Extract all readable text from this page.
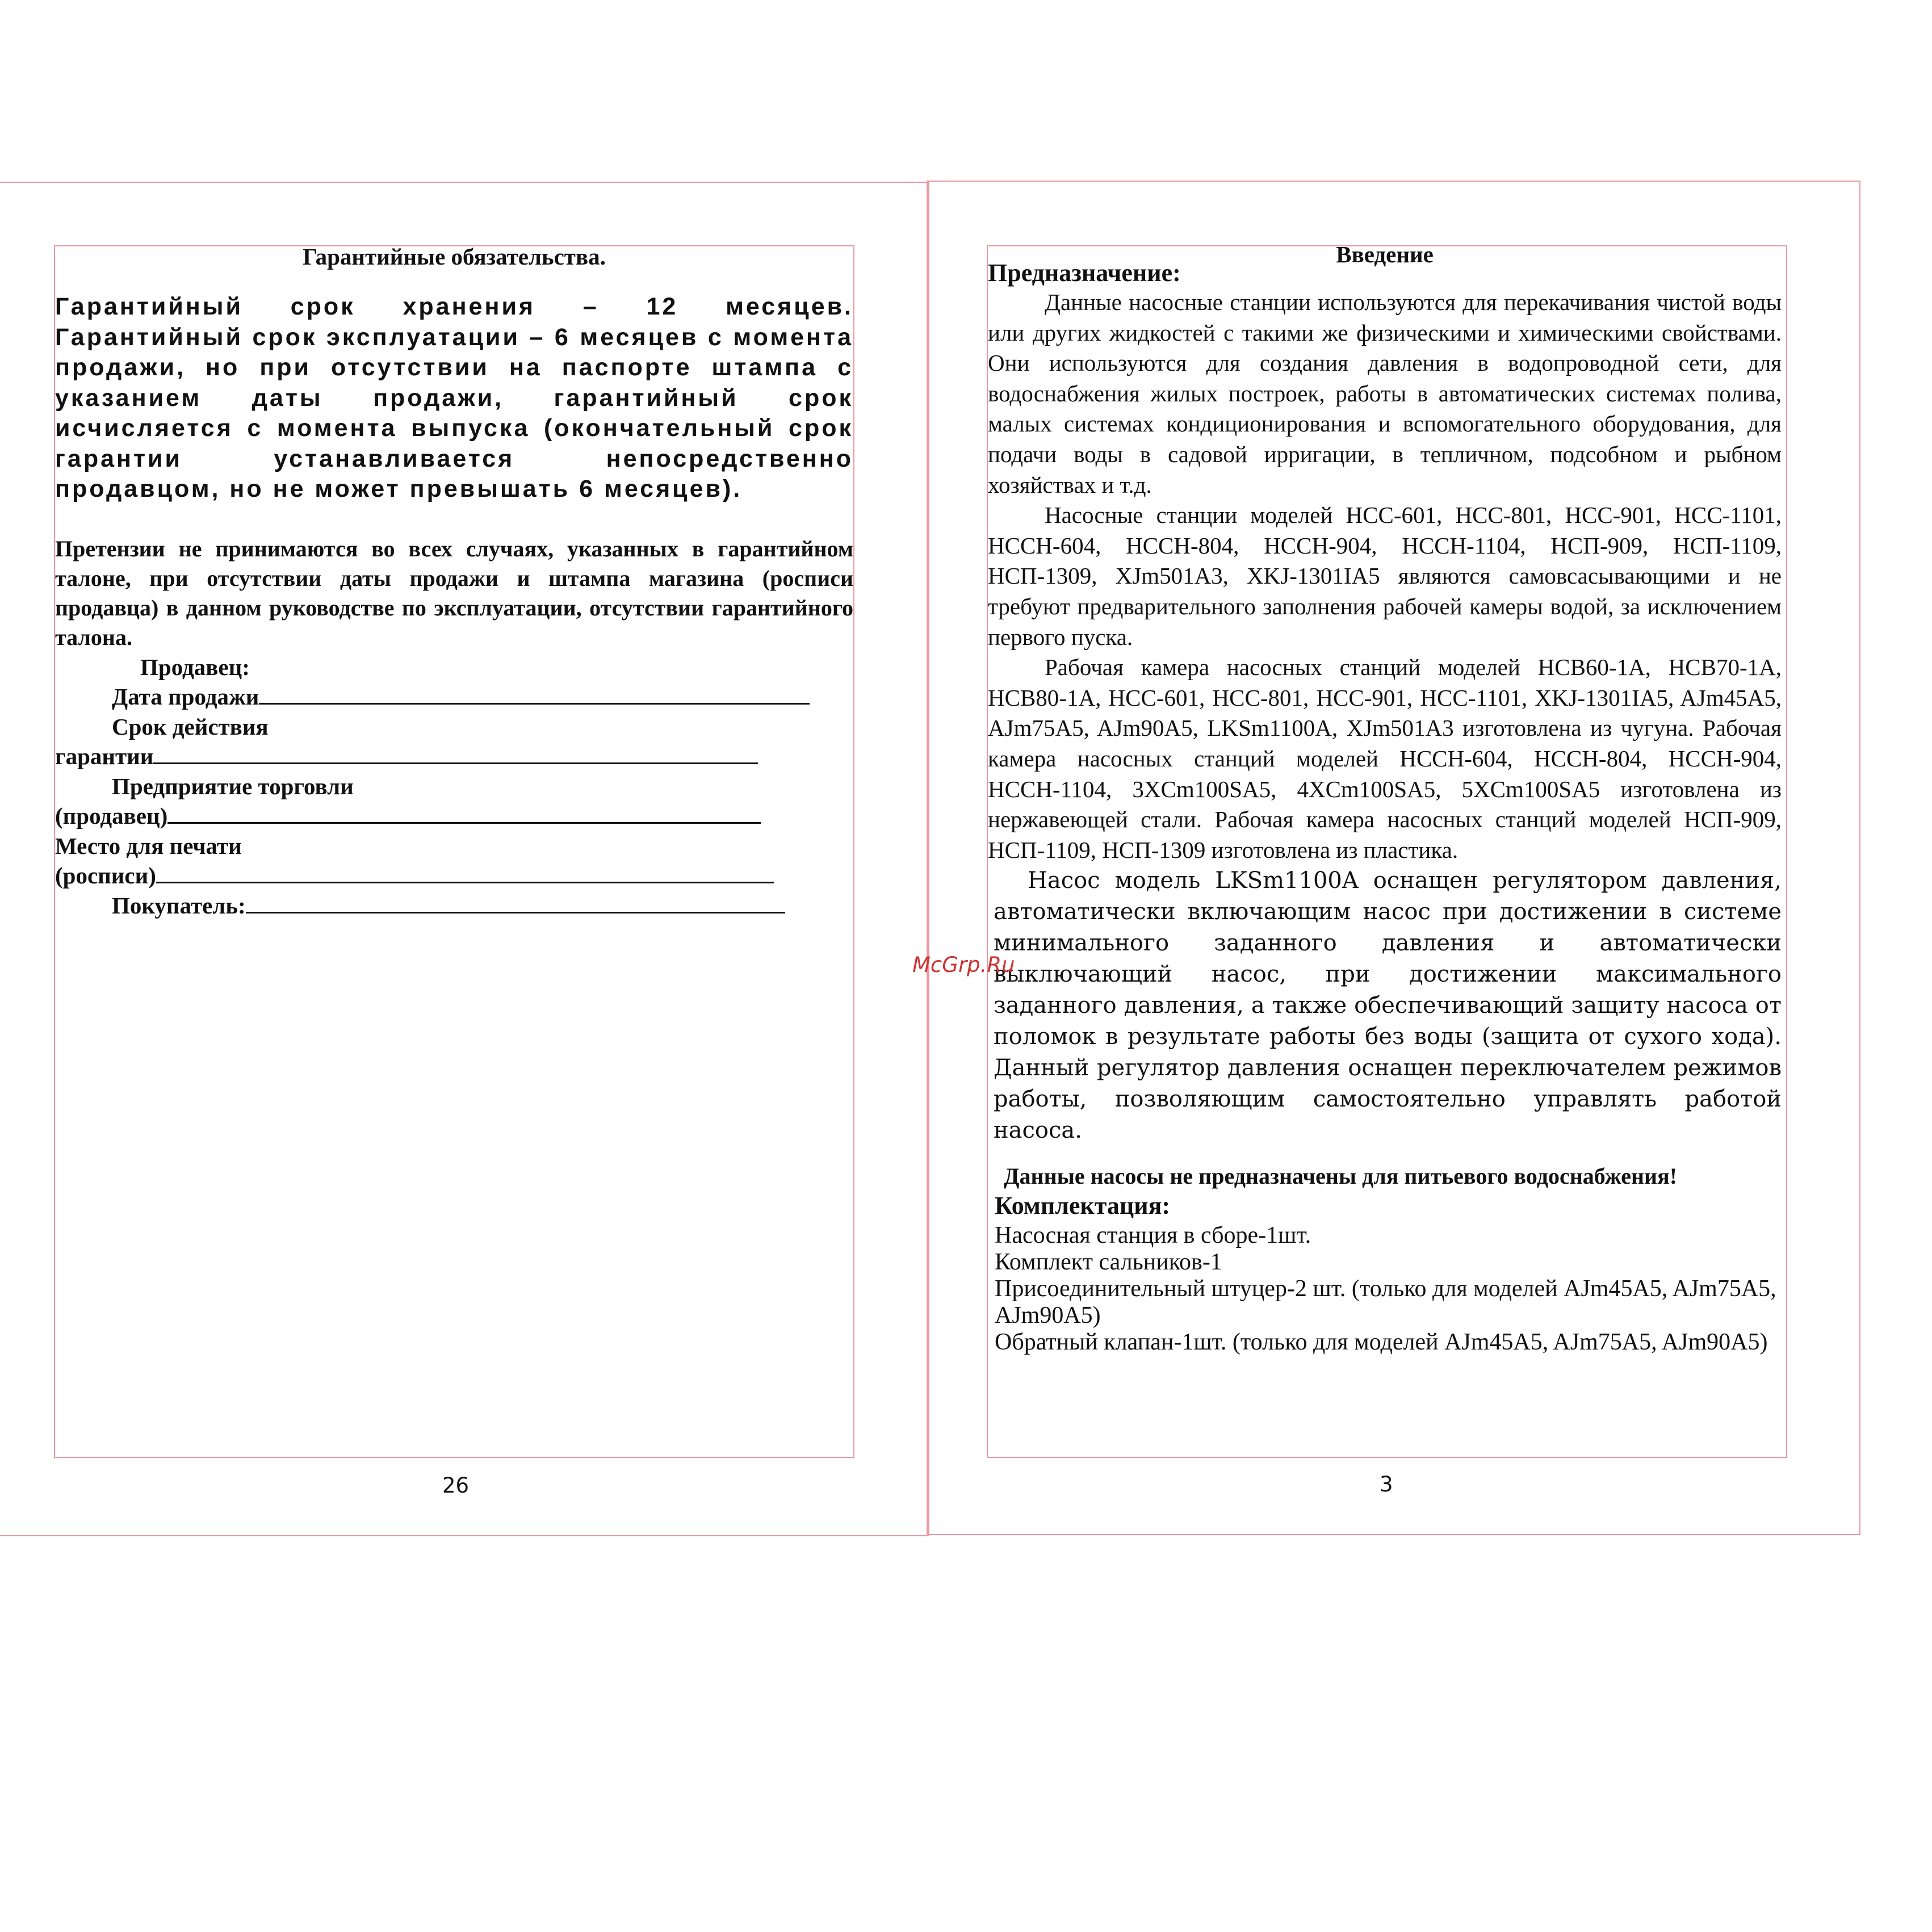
Гарантийные обязательства.

Гарантийный срок хранения – 12 месяцев. Гарантийный срок эксплуатации – 6 месяцев с момента продажи, но при отсутствии на паспорте штампа с указанием даты продажи, гарантийный срок исчисляется с момента выпуска (окончательный срок гарантии устанавливается непосредственно продавцом, но не может превышать 6 месяцев).

Претензии не принимаются во всех случаях, указанных в гарантийном талоне, при отсутствии даты продажи и штампа магазина (росписи продавца) в данном руководстве по эксплуатации, отсутствии гарантийного талона.

Продавец:
Дата продажи
Срок действия
гарантии
Предприятие торговли
(продавец)
Место для печати
(росписи)
Покупатель:
26

Введение

Предназначение:

Данные насосные станции используются для перекачивания чистой воды или других жидкостей с такими же физическими и химическими свойствами. Они используются для создания давления в водопроводной сети, для водоснабжения жилых построек, работы в автоматических системах полива, малых системах кондиционирования и вспомогательного оборудования, для подачи воды в садовой ирригации, в тепличном, подсобном и рыбном хозяйствах и т.д.

Насосные станции моделей НСС-601, НСС-801, НСС-901, НСС-1101, НССН-604, НССН-804, НССН-904, НССН-1104, НСП-909, НСП-1109, НСП-1309, XJm501A3, XKJ-1301IA5 являются самовсасывающими и не требуют предварительного заполнения рабочей камеры водой, за исключением первого пуска.

Рабочая камера насосных станций моделей НСВ60-1А, НСВ70-1А, НСВ80-1А, НСС-601, НСС-801, НСС-901, НСС-1101, XKJ-1301IA5, AJm45A5, AJm75A5, AJm90A5, LKSm1100A, XJm501A3 изготовлена из чугуна. Рабочая камера насосных станций моделей НССН-604, НССН-804, НССН-904, НССН-1104, 3XCm100SA5, 4XCm100SA5, 5XCm100SA5 изготовлена из нержавеющей стали. Рабочая камера насосных станций моделей НСП-909, НСП-1109, НСП-1309 изготовлена из пластика.

Насос модель LKSm1100A оснащен регулятором давления, автоматически включающим насос при достижении в системе минимального заданного давления и автоматически выключающий насос, при достижении максимального заданного давления, а также обеспечивающий защиту насоса от поломок в результате работы без воды (защита от сухого хода). Данный регулятор давления оснащен переключателем режимов работы, позволяющим самостоятельно управлять работой насоса.

Данные насосы не предназначены для питьевого водоснабжения!

Комплектация:

Насосная станция в сборе-1шт.
Комплект сальников-1
Присоединительный штуцер-2 шт. (только для моделей AJm45A5, AJm75A5, AJm90A5)
Обратный клапан-1шт. (только для моделей AJm45A5, AJm75A5, AJm90A5)
3
McGrp.Ru
